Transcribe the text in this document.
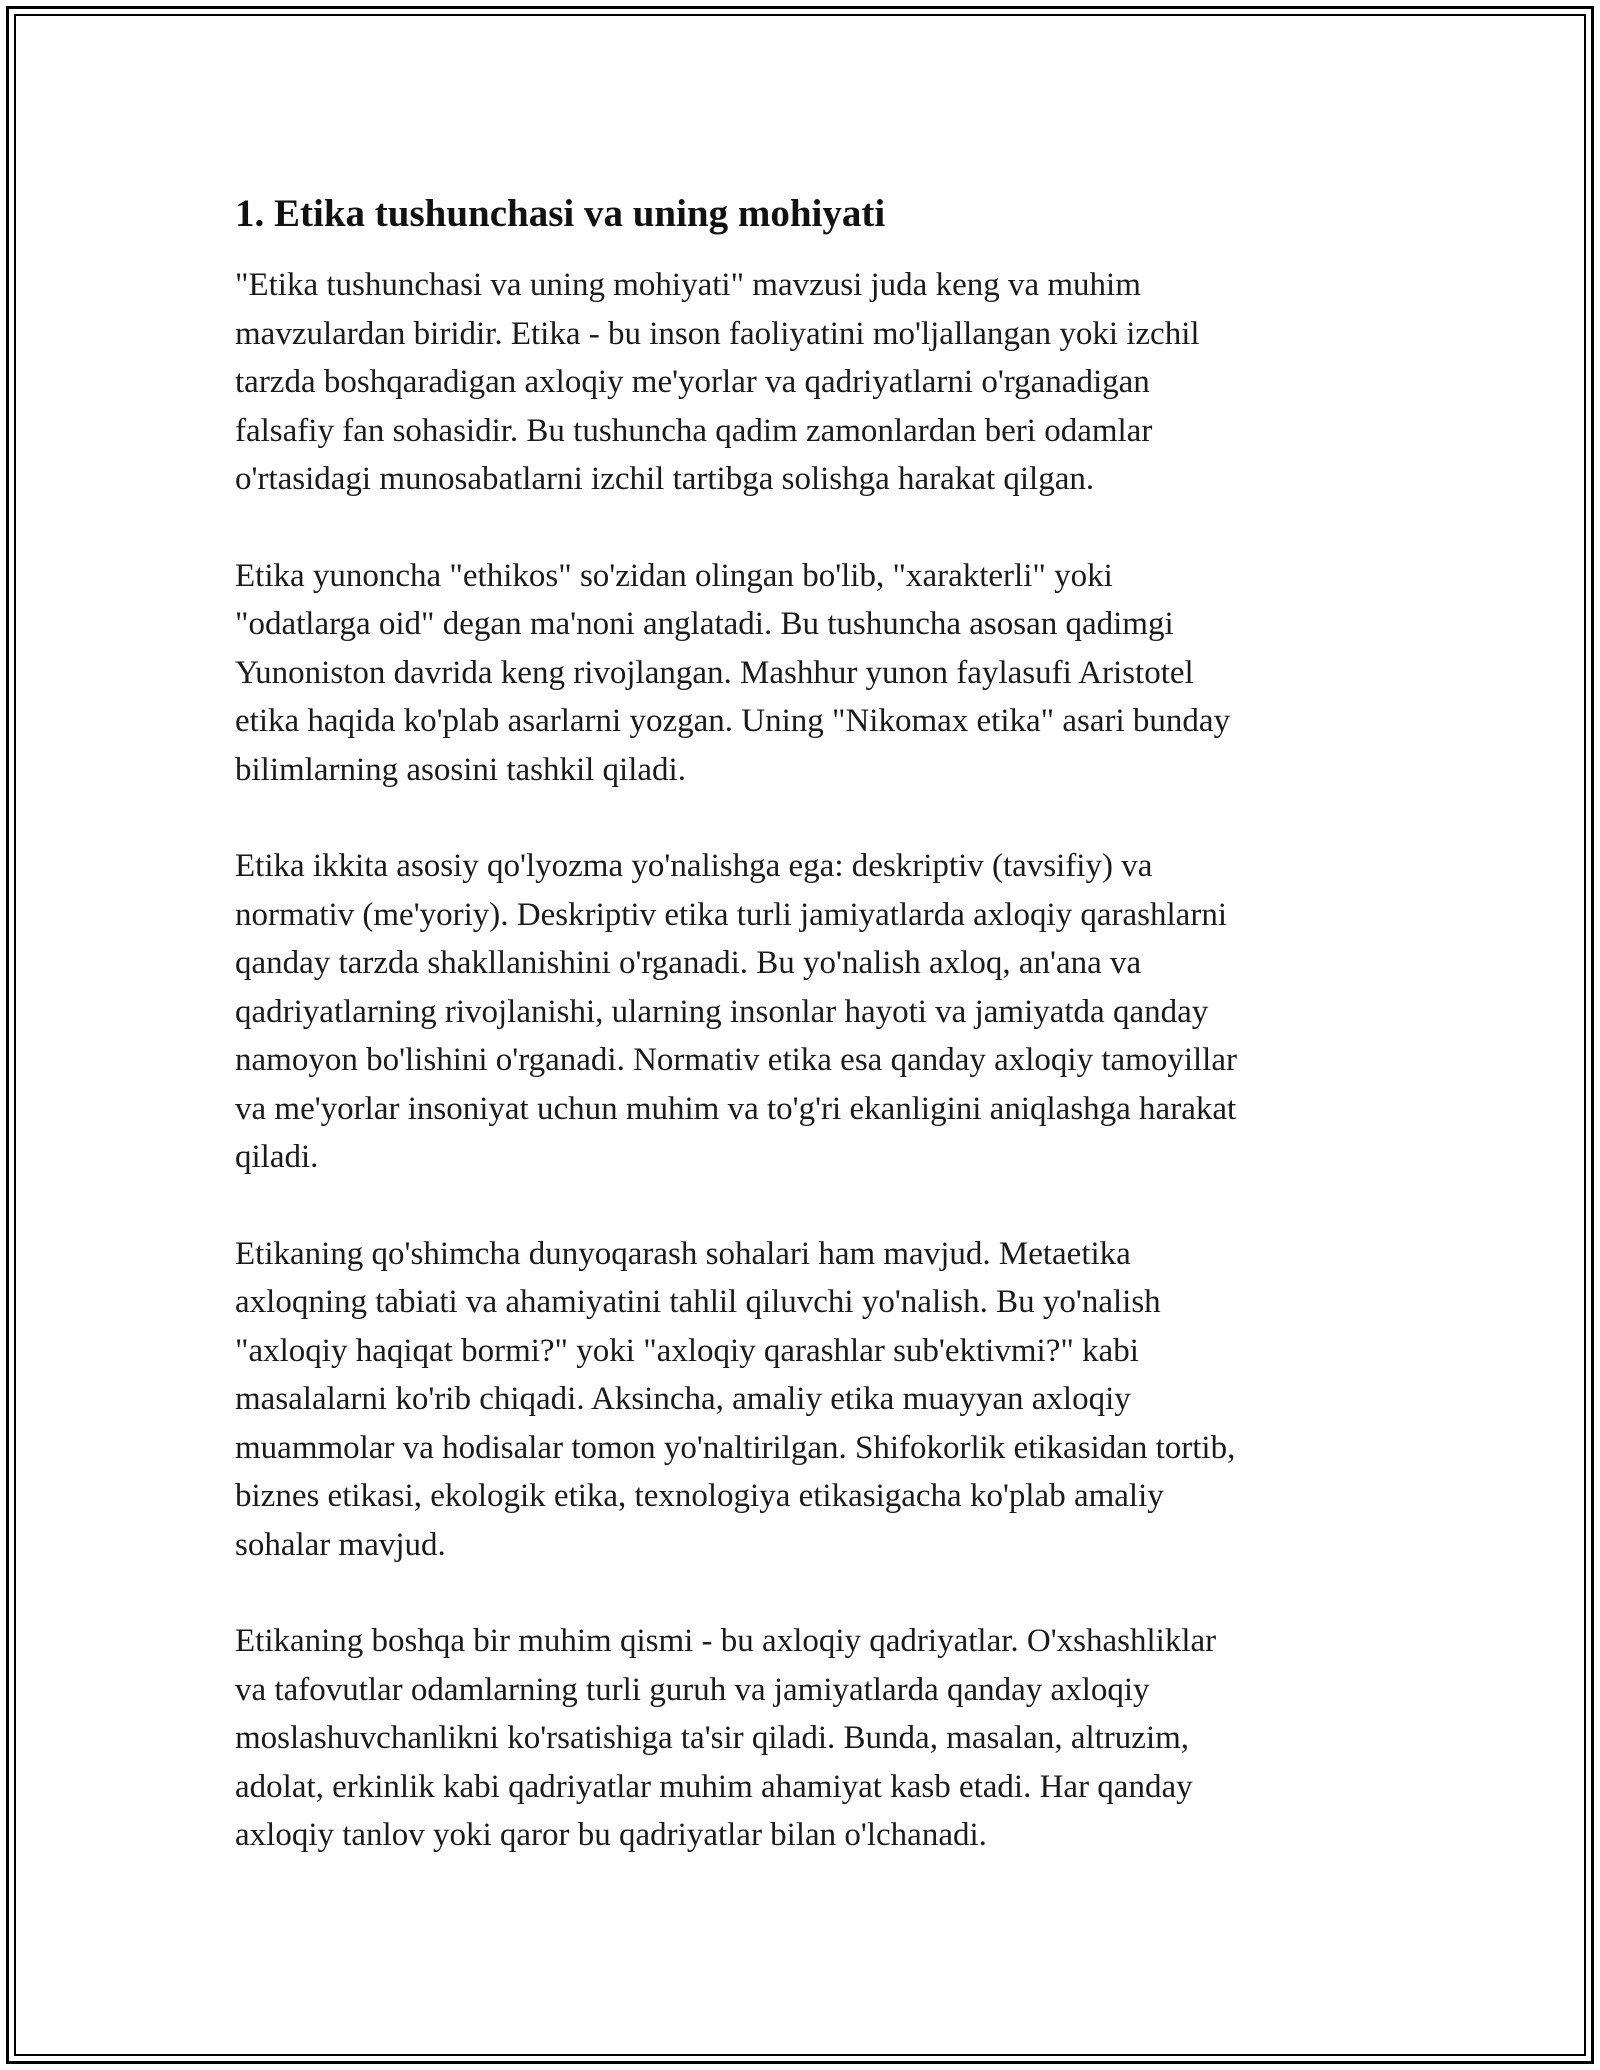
1. Etika tushunchasi va uning mohiyati

"Etika tushunchasi va uning mohiyati" mavzusi juda keng va muhim
mavzulardan biridir. Etika - bu inson faoliyatini mo'ljallangan yoki izchil
tarzda boshqaradigan axloqiy me'yorlar va qadriyatlarni o'rganadigan
falsafiy fan sohasidir. Bu tushuncha qadim zamonlardan beri odamlar
o'rtasidagi munosabatlarni izchil tartibga solishga harakat qilgan.

Etika yunoncha "ethikos" so'zidan olingan bo'lib, "xarakterli" yoki
"odatlarga oid" degan ma'noni anglatadi. Bu tushuncha asosan qadimgi
Yunoniston davrida keng rivojlangan. Mashhur yunon faylasufi Aristotel
etika haqida ko'plab asarlarni yozgan. Uning "Nikomax etika" asari bunday
bilimlarning asosini tashkil qiladi.

Etika ikkita asosiy qo'lyozma yo'nalishga ega: deskriptiv (tavsifiy) va
normativ (me'yoriy). Deskriptiv etika turli jamiyatlarda axloqiy qarashlarni
qanday tarzda shakllanishini o'rganadi. Bu yo'nalish axloq, an'ana va
qadriyatlarning rivojlanishi, ularning insonlar hayoti va jamiyatda qanday
namoyon bo'lishini o'rganadi. Normativ etika esa qanday axloqiy tamoyillar
va me'yorlar insoniyat uchun muhim va to'g'ri ekanligini aniqlashga harakat
qiladi.

Etikaning qo'shimcha dunyoqarash sohalari ham mavjud. Metaetika
axloqning tabiati va ahamiyatini tahlil qiluvchi yo'nalish. Bu yo'nalish
"axloqiy haqiqat bormi?" yoki "axloqiy qarashlar sub'ektivmi?" kabi
masalalarni ko'rib chiqadi. Aksincha, amaliy etika muayyan axloqiy
muammolar va hodisalar tomon yo'naltirilgan. Shifokorlik etikasidan tortib,
biznes etikasi, ekologik etika, texnologiya etikasigacha ko'plab amaliy
sohalar mavjud.

Etikaning boshqa bir muhim qismi - bu axloqiy qadriyatlar. O'xshashliklar
va tafovutlar odamlarning turli guruh va jamiyatlarda qanday axloqiy
moslashuvchanlikni ko'rsatishiga ta'sir qiladi. Bunda, masalan, altruzim,
adolat, erkinlik kabi qadriyatlar muhim ahamiyat kasb etadi. Har qanday
axloqiy tanlov yoki qaror bu qadriyatlar bilan o'lchanadi.
